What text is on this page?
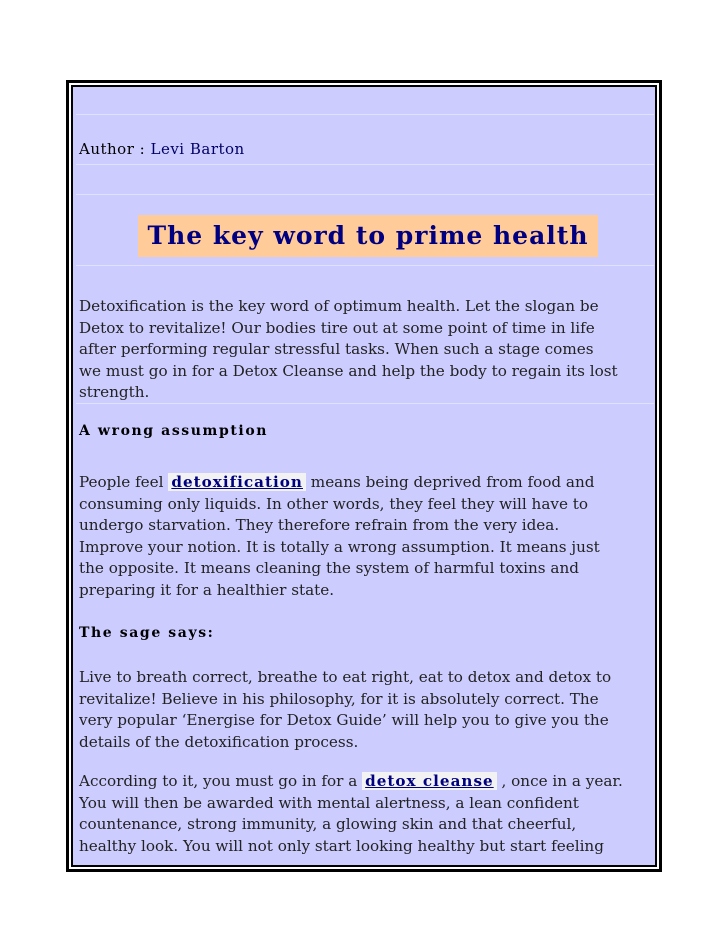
Author : Levi Barton
The key word to prime health

Detoxification is the key word of optimum health. Let the slogan be

Detox to revitalize! Our bodies tire out at some point of time in life

after performing regular stressful tasks. When such a stage comes

we must go in for a Detox Cleanse and help the body to regain its lost

strength.

A wrong assumption

People feel detoxification means being deprived from food and

consuming only liquids. In other words, they feel they will have to

undergo starvation. They therefore refrain from the very idea.

Improve your notion. It is totally a wrong assumption. It means just

the opposite. It means cleaning the system of harmful toxins and

preparing it for a healthier state.

The sage says:

Live to breath correct, breathe to eat right, eat to detox and detox to

revitalize! Believe in his philosophy, for it is absolutely correct. The

very popular ‘Energise for Detox Guide’ will help you to give you the

details of the detoxification process.

According to it, you must go in for a detox cleanse , once in a year.

You will then be awarded with mental alertness, a lean confident

countenance, strong immunity, a glowing skin and that cheerful,

healthy look. You will not only start looking healthy but start feeling
